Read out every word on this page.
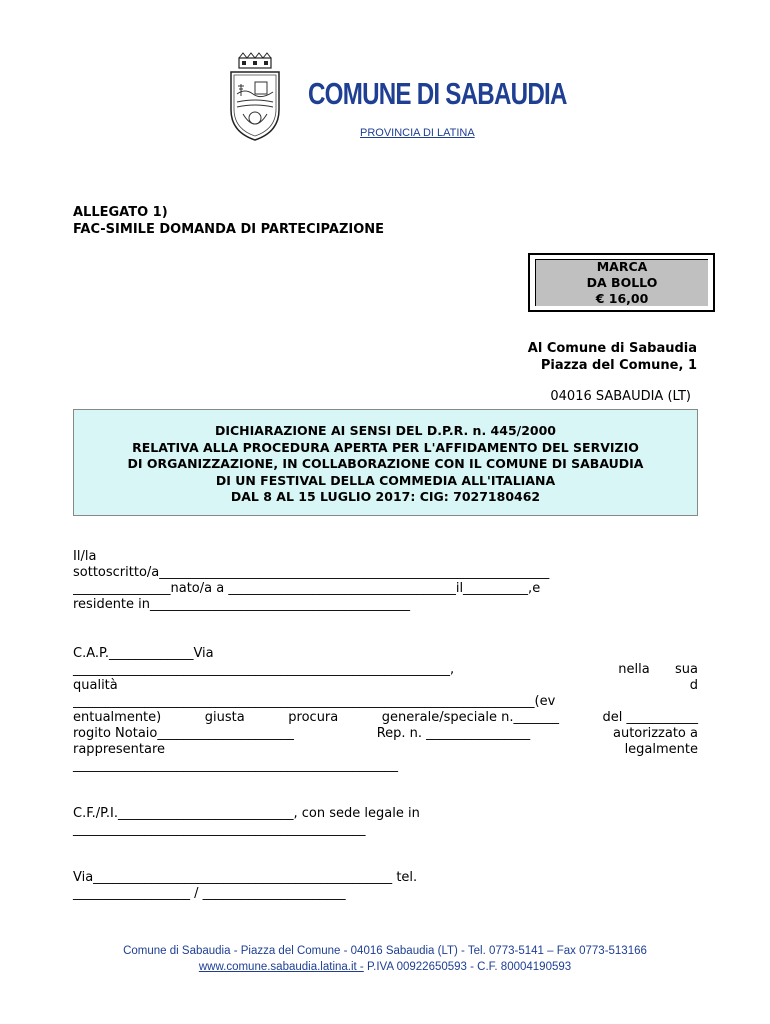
COMUNE DI SABAUDIA
PROVINCIA DI LATINA
ALLEGATO 1)
FAC-SIMILE DOMANDA DI PARTECIPAZIONE
MARCA
DA BOLLO
€ 16,00
Al Comune di Sabaudia
Piazza del Comune, 1
04016 SABAUDIA (LT)
DICHIARAZIONE AI SENSI DEL D.P.R. n. 445/2000
RELATIVA ALLA PROCEDURA APERTA PER L'AFFIDAMENTO DEL SERVIZIO
DI ORGANIZZAZIONE, IN COLLABORAZIONE CON IL COMUNE DI SABAUDIA
DI UN FESTIVAL DELLA COMMEDIA ALL'ITALIANA
DAL 8 AL 15 LUGLIO 2017: CIG: 7027180462
Il/la
sottoscritto/a____________________________________________________________
_______________nato/a a ___________________________________il__________,e
residente in________________________________________
C.A.P._____________Via
__________________________________________________________,	nella sua
qualità	d
_______________________________________________________________________(ev
entualmente)	giusta	procura	generale/speciale n._______	del ___________
rogito Notaio_____________________	Rep. n. ________________	autorizzato a
rappresentare	legalmente
__________________________________________________
C.F./P.I.___________________________, con sede legale in
_____________________________________________
Via______________________________________________ tel.
__________________ / ______________________
Comune di Sabaudia - Piazza del Comune - 04016 Sabaudia (LT) - Tel. 0773-5141 – Fax 0773-513166
www.comune.sabaudia.latina.it - P.IVA 00922650593 - C.F. 80004190593
